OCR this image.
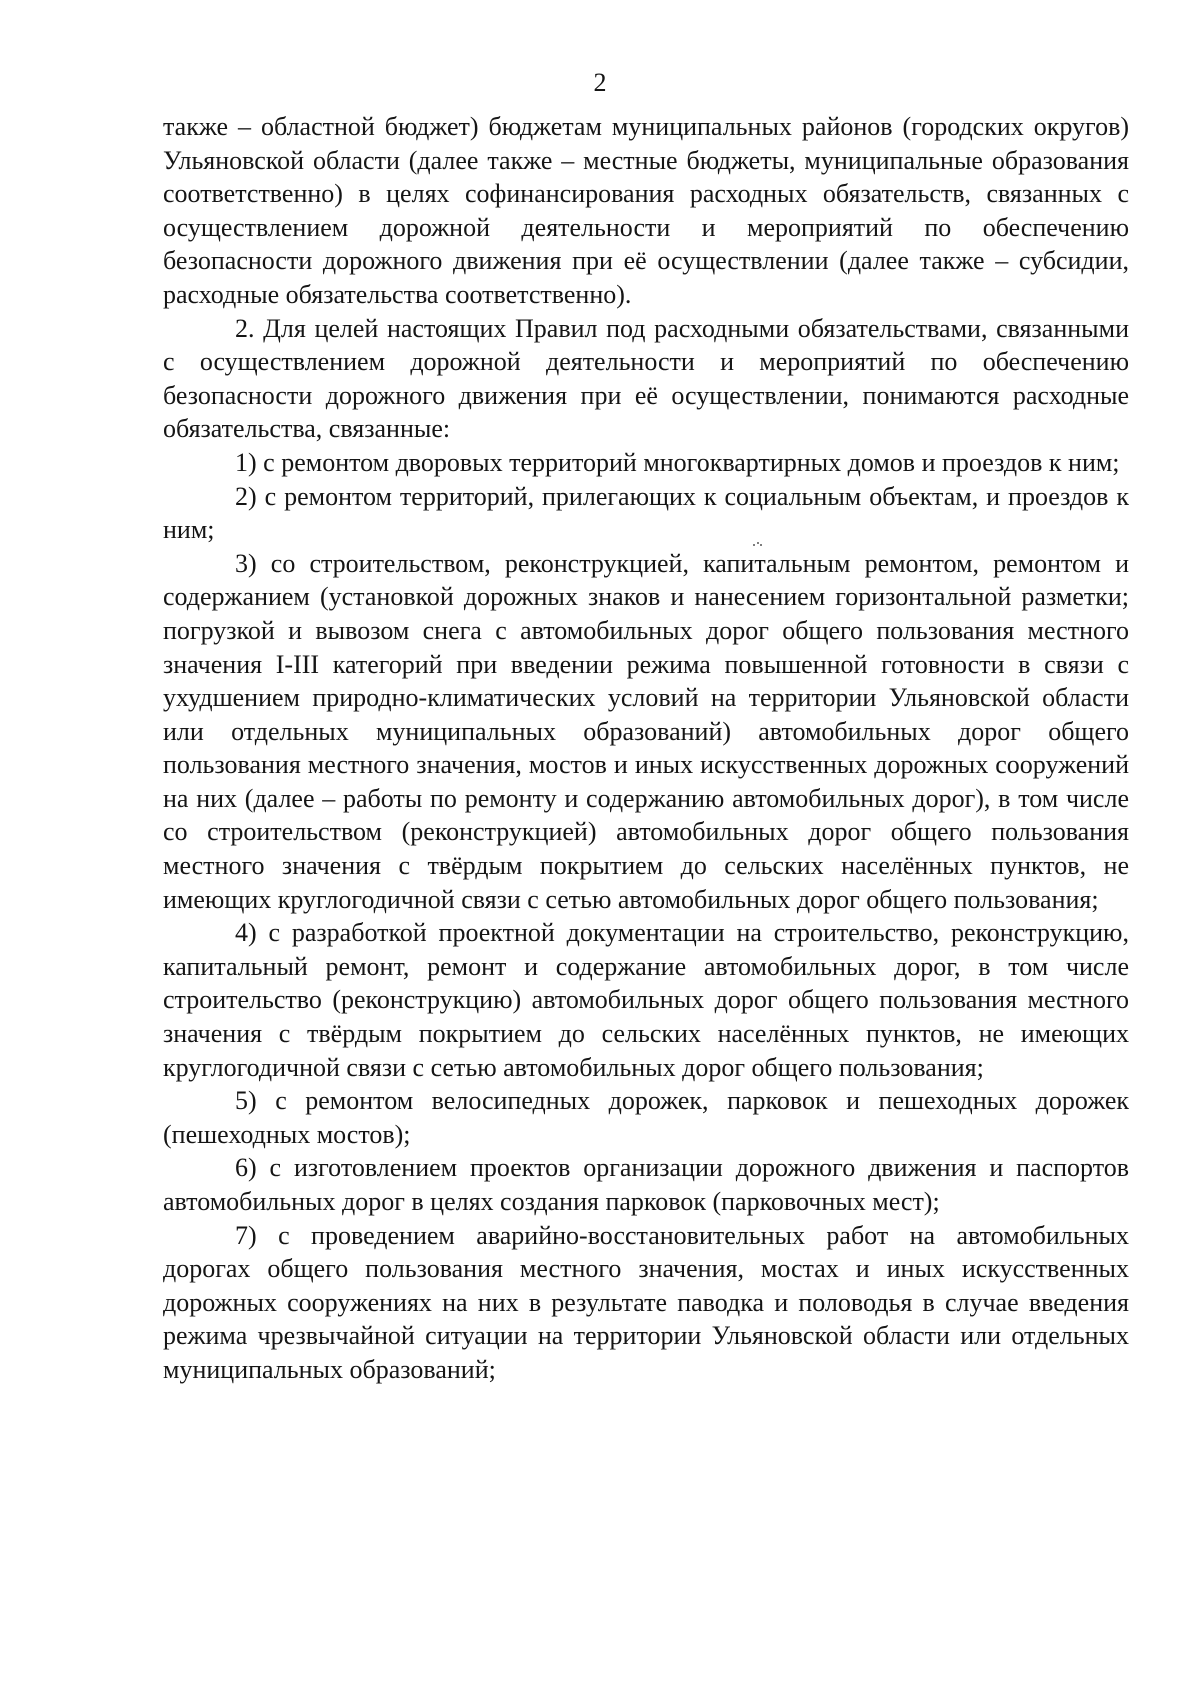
2

также – областной бюджет) бюджетам муниципальных районов (городских округов) Ульяновской области (далее также – местные бюджеты, муниципальные образования соответственно) в целях софинансирования расходных обязательств, связанных с осуществлением дорожной деятельности и мероприятий по обеспечению безопасности дорожного движения при её осуществлении (далее также – субсидии, расходные обязательства соответственно).

2. Для целей настоящих Правил под расходными обязательствами, связанными с осуществлением дорожной деятельности и мероприятий по обеспечению безопасности дорожного движения при её осуществлении, понимаются расходные обязательства, связанные:

1) с ремонтом дворовых территорий многоквартирных домов и проездов к ним;

2) с ремонтом территорий, прилегающих к социальным объектам, и проездов к ним;

3) со строительством, реконструкцией, капитальным ремонтом, ремонтом и содержанием (установкой дорожных знаков и нанесением горизонтальной разметки; погрузкой и вывозом снега с автомобильных дорог общего пользования местного значения I-III категорий при введении режима повышенной готовности в связи с ухудшением природно-климатических условий на территории Ульяновской области или отдельных муниципальных образований) автомобильных дорог общего пользования местного значения, мостов и иных искусственных дорожных сооружений на них (далее – работы по ремонту и содержанию автомобильных дорог), в том числе со строительством (реконструкцией) автомобильных дорог общего пользования местного значения с твёрдым покрытием до сельских населённых пунктов, не имеющих круглогодичной связи с сетью автомобильных дорог общего пользования;

4) с разработкой проектной документации на строительство, реконструкцию, капитальный ремонт, ремонт и содержание автомобильных дорог, в том числе строительство (реконструкцию) автомобильных дорог общего пользования местного значения с твёрдым покрытием до сельских населённых пунктов, не имеющих круглогодичной связи с сетью автомобильных дорог общего пользования;

5) с ремонтом велосипедных дорожек, парковок и пешеходных дорожек (пешеходных мостов);

6) с изготовлением проектов организации дорожного движения и паспортов автомобильных дорог в целях создания парковок (парковочных мест);

7) с проведением аварийно-восстановительных работ на автомобильных дорогах общего пользования местного значения, мостах и иных искусственных дорожных сооружениях на них в результате паводка и половодья в случае введения режима чрезвычайной ситуации на территории Ульяновской области или отдельных муниципальных образований;
